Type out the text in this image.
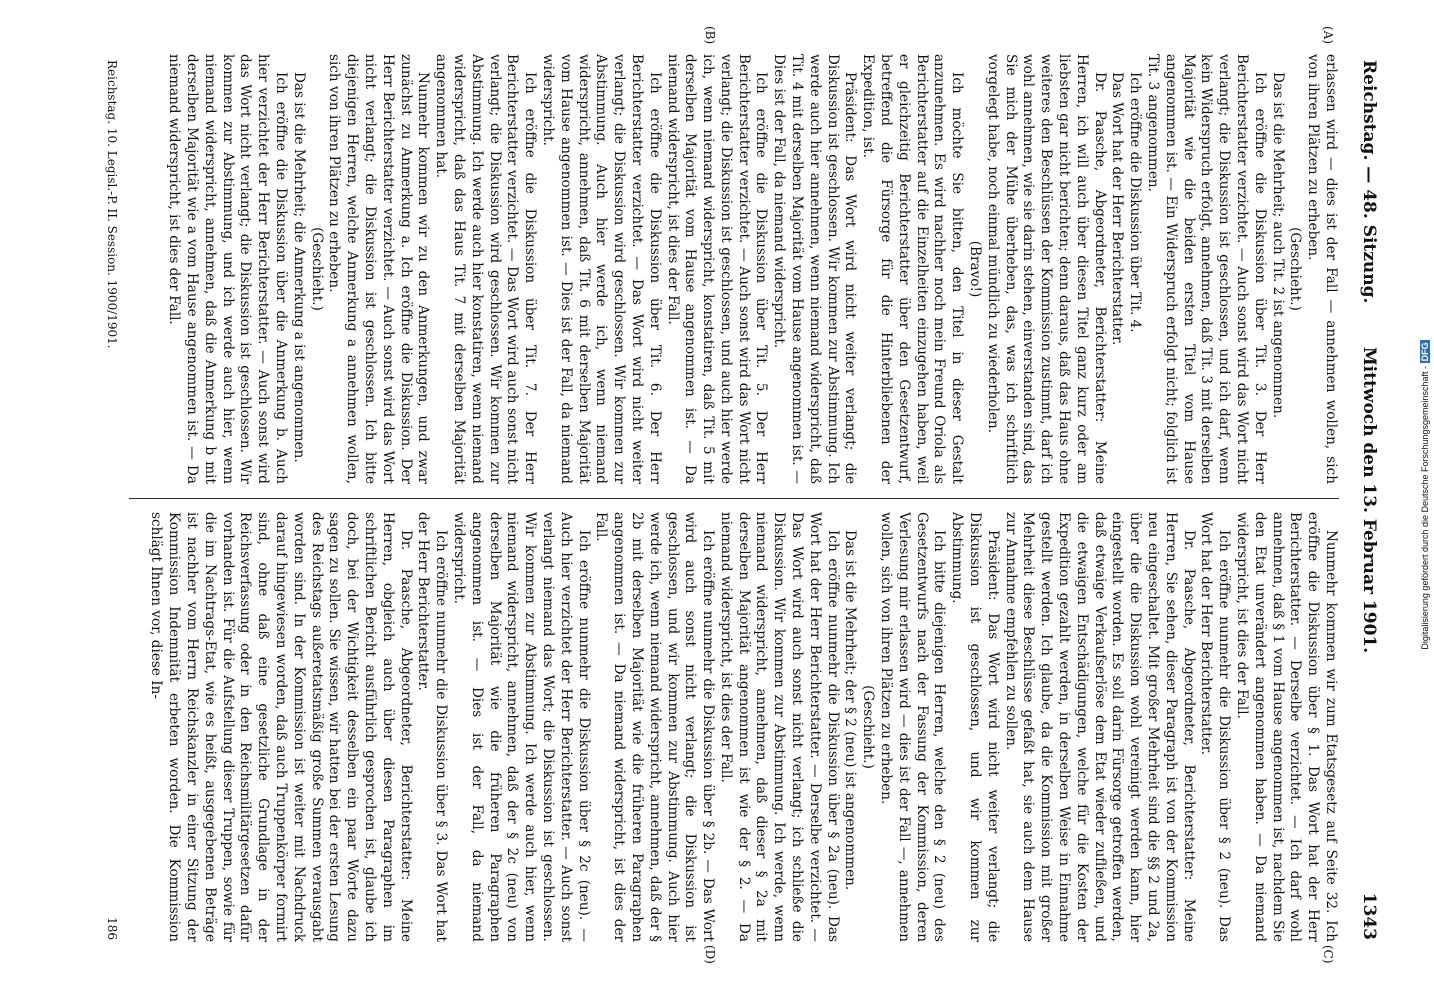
Reichstag. — 48. Sitzung.
Mittwoch den 13. Februar 1901.
1343
(A)
(B)
(C)
(D)

erlassen wird — dies ist der Fall — annehmen wollen, sich von ihren Plätzen zu erheben.

(Geschieht.)

Das ist die Mehrheit; auch Tit. 2 ist angenommen.

Ich eröffne die Diskussion über Tit. 3. Der Herr Berichterstatter verzichtet. — Auch sonst wird das Wort nicht verlangt; die Diskussion ist geschlossen, und ich darf, wenn kein Widerspruch erfolgt, annehmen, daß Tit. 3 mit derselben Majorität wie die beiden ersten Titel vom Hause angenommen ist. — Ein Widerspruch erfolgt nicht; folglich ist Tit. 3 angenommen.

Ich eröffne die Diskussion über Tit. 4.

Das Wort hat der Herr Berichterstatter.

Dr. Paasche, Abgeordneter, Berichterstatter: Meine Herren, ich will auch über diesen Titel ganz kurz oder am liebsten gar nicht berichten; denn daraus, daß das Haus ohne weiteres den Beschlüssen der Kommission zustimmt, darf ich wohl annehmen, wie sie darin stehen, einverstanden sind, das Sie mich der Mühe überheben, das, was ich schriftlich vorgelegt habe, noch einmal mündlich zu wiederholen.

(Bravo!)

Ich möchte Sie bitten, den Titel in dieser Gestalt anzunehmen. Es wird nachher noch mein Freund Oriola als Berichterstatter auf die Einzelheiten einzugehen haben, weil er gleichzeitig Berichterstatter über den Gesetzentwurf, betreffend die Fürsorge für die Hinterbliebenen der Expedition, ist.

Präsident: Das Wort wird nicht weiter verlangt; die Diskussion ist geschlossen. Wir kommen zur Abstimmung. Ich werde auch hier annehmen, wenn niemand widerspricht, daß Tit. 4 mit derselben Majorität vom Hause angenommen ist. — Dies ist der Fall, da niemand widerspricht.

Ich eröffne die Diskussion über Tit. 5. Der Herr Berichterstatter verzichtet. — Auch sonst wird das Wort nicht verlangt; die Diskussion ist geschlossen, und auch hier werde ich, wenn niemand widerspricht, konstatiren, daß Tit. 5 mit derselben Majorität vom Hause angenommen ist. — Da niemand widerspricht, ist dies der Fall.

Ich eröffne die Diskussion über Tit. 6. Der Herr Berichterstatter verzichtet. — Das Wort wird nicht weiter verlangt; die Diskussion wird geschlossen. Wir kommen zur Abstimmung. Auch hier werde ich, wenn niemand widerspricht, annehmen, daß Tit. 6 mit derselben Majorität vom Hause angenommen ist. — Dies ist der Fall, da niemand widerspricht.

Ich eröffne die Diskussion über Tit. 7. Der Herr Berichterstatter verzichtet. — Das Wort wird auch sonst nicht verlangt; die Diskussion wird geschlossen. Wir kommen zur Abstimmung. Ich werde auch hier konstatiren, wenn niemand widerspricht, daß das Haus Tit. 7 mit derselben Majorität angenommen hat.

Nunmehr kommen wir zu den Anmerkungen, und zwar zunächst zu Anmerkung a. Ich eröffne die Diskussion. Der Herr Berichterstatter verzichtet. — Auch sonst wird das Wort nicht verlangt; die Diskussion ist geschlossen. Ich bitte diejenigen Herren, welche Anmerkung a annehmen wollen, sich von ihren Plätzen zu erheben.

(Geschieht.)

Das ist die Mehrheit; die Anmerkung a ist angenommen.

Ich eröffne die Diskussion über die Anmerkung b. Auch hier verzichtet der Herr Berichterstatter. — Auch sonst wird das Wort nicht verlangt; die Diskussion ist geschlossen. Wir kommen zur Abstimmung, und ich werde auch hier, wenn niemand widerspricht, annehmen, daß die Anmerkung b mit derselben Majorität wie a vom Hause angenommen ist. — Da niemand widerspricht, ist dies der Fall.

Nunmehr kommen wir zum Etatsgesetz auf Seite 32. Ich eröffne die Diskussion über § 1. Das Wort hat der Herr Berichterstatter. — Derselbe verzichtet. — Ich darf wohl annehmen, daß § 1 vom Hause angenommen ist, nachdem Sie den Etat unverändert angenommen haben. — Da niemand widerspricht, ist dies der Fall.

Ich eröffne nunmehr die Diskussion über § 2 (neu). Das Wort hat der Herr Berichterstatter.

Dr. Paasche, Abgeordneter, Berichterstatter: Meine Herren, Sie sehen, dieser Paragraph ist von der Kommission neu eingeschaltet. Mit großer Mehrheit sind die §§ 2 und 2a, über die die Diskussion wohl vereinigt werden kann, hier eingestellt worden. Es soll darin Fürsorge getroffen werden, daß etwaige Verkaufserlöse dem Etat wieder zufließen, und die etwaigen Entschädigungen, welche für die Kosten der Expedition gezahlt werden, in derselben Weise in Einnahme gestellt werden. Ich glaube, da die Kommission mit großer Mehrheit diese Beschlüsse gefaßt hat, sie auch dem Hause zur Annahme empfehlen zu sollen.

Präsident: Das Wort wird nicht weiter verlangt; die Diskussion ist geschlossen, und wir kommen zur Abstimmung.

Ich bitte diejenigen Herren, welche den § 2 (neu) des Gesetzentwurfs nach der Fassung der Kommission, deren Verlesung mir erlassen wird — dies ist der Fall —, annehmen wollen, sich von ihren Plätzen zu erheben.

(Geschieht.)

Das ist die Mehrheit; der § 2 (neu) ist angenommen.

Ich eröffne nunmehr die Diskussion über § 2a (neu). Das Wort hat der Herr Berichterstatter. — Derselbe verzichtet. — Das Wort wird auch sonst nicht verlangt; ich schließe die Diskussion. Wir kommen zur Abstimmung. Ich werde, wenn niemand widerspricht, annehmen, daß dieser § 2a mit derselben Majorität angenommen ist wie der § 2. — Da niemand widerspricht, ist dies der Fall.

Ich eröffne nunmehr die Diskussion über § 2b. — Das Wort wird auch sonst nicht verlangt; die Diskussion ist geschlossen, und wir kommen zur Abstimmung. Auch hier werde ich, wenn niemand widerspricht, annehmen, daß der § 2b mit derselben Majorität wie die früheren Paragraphen angenommen ist. — Da niemand widerspricht, ist dies der Fall.

Ich eröffne nunmehr die Diskussion über § 2c (neu). — Auch hier verzichtet der Herr Berichterstatter. — Auch sonst verlangt niemand das Wort; die Diskussion ist geschlossen. Wir kommen zur Abstimmung. Ich werde auch hier, wenn niemand widerspricht, annehmen, daß der § 2c (neu) von derselben Majorität wie die früheren Paragraphen angenommen ist. — Dies ist der Fall, da niemand widerspricht.

Ich eröffne nunmehr die Diskussion über § 3. Das Wort hat der Herr Berichterstatter.

Dr. Paasche, Abgeordneter, Berichterstatter: Meine Herren, obgleich auch über diesen Paragraphen im schriftlichen Bericht ausführlich gesprochen ist, glaube ich doch, bei der Wichtigkeit desselben ein paar Worte dazu sagen zu sollen. Sie wissen, wir hatten bei der ersten Lesung des Reichstags außeretatsmäßig große Summen verausgabt worden sind. In der Kommission ist weiter mit Nachdruck darauf hingewiesen worden, daß auch Truppenkörper formirt sind, ohne daß eine gesetzliche Grundlage in der Reichsverfassung oder in den Reichsmilitärgesetzen dafür vorhanden ist. Für die Aufstellung dieser Truppen, sowie für die im Nachtrags-Etat, wie es heißt, ausgegebenen Beträge ist nachher vom Herrn Reichskanzler in einer Sitzung der Kommission Indemnität erbeten worden. Die Kommission schlägt Ihnen vor, diese In-

Reichstag. 10. Legisl.-P. II. Session. 1900/1901.
186
Digitalisierung gefördert durch die Deutsche Forschungsgemeinschaft - DFG
